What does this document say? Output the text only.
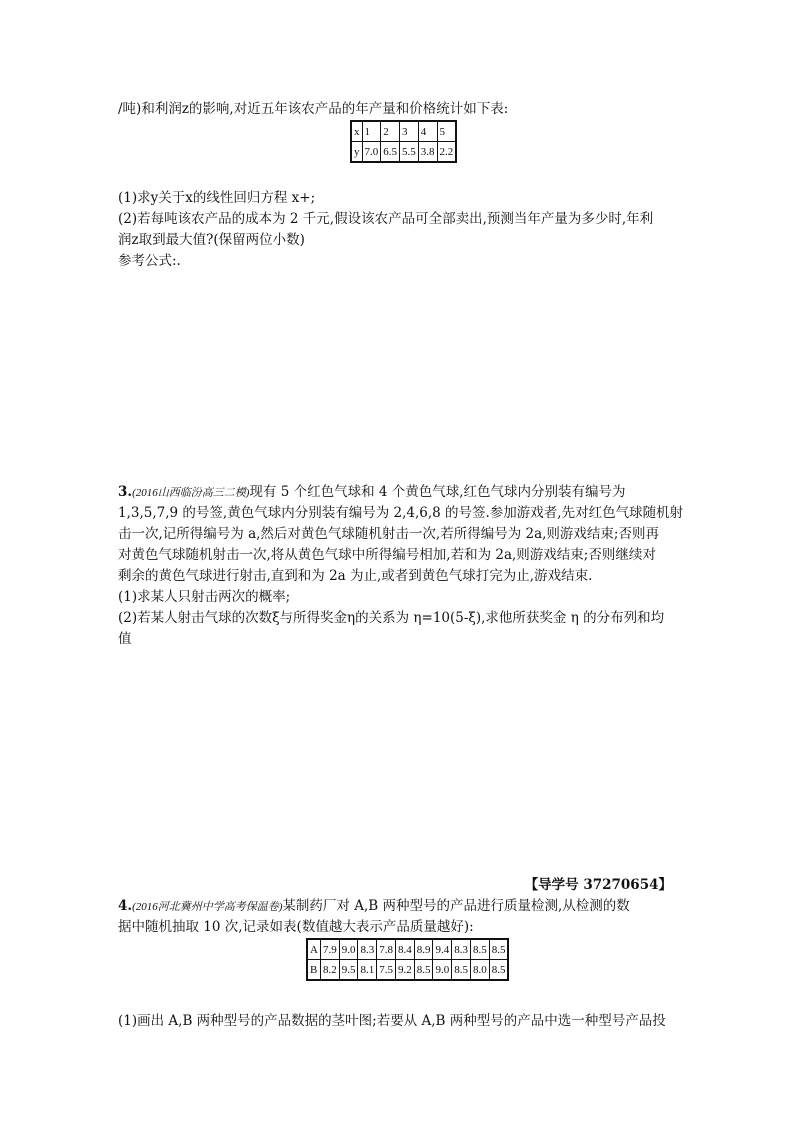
/吨)和利润z的影响,对近五年该农产品的年产量和价格统计如下表:
x	1	2	3	4	5
y	7.0	6.5	5.5	3.8	2.2
(1)求y关于x的线性回归方程 x+;
(2)若每吨该农产品的成本为 2 千元,假设该农产品可全部卖出,预测当年产量为多少时,年利
润z取到最大值?(保留两位小数)
参考公式:.
3.(2016山西临汾高三二模)现有 5 个红色气球和 4 个黄色气球,红色气球内分别装有编号为
1,3,5,7,9 的号签,黄色气球内分别装有编号为 2,4,6,8 的号签.参加游戏者,先对红色气球随机射
击一次,记所得编号为 a,然后对黄色气球随机射击一次,若所得编号为 2a,则游戏结束;否则再
对黄色气球随机射击一次,将从黄色气球中所得编号相加,若和为 2a,则游戏结束;否则继续对
剩余的黄色气球进行射击,直到和为 2a 为止,或者到黄色气球打完为止,游戏结束.
(1)求某人只射击两次的概率;
(2)若某人射击气球的次数ξ与所得奖金η的关系为 η=10(5-ξ),求他所获奖金 η 的分布列和均
值
【导学号 37270654】
4.(2016河北冀州中学高考保温卷)某制药厂对 A,B 两种型号的产品进行质量检测,从检测的数
据中随机抽取 10 次,记录如表(数值越大表示产品质量越好):
A	7.9	9.0	8.3	7.8	8.4	8.9	9.4	8.3	8.5	8.5
B	8.2	9.5	8.1	7.5	9.2	8.5	9.0	8.5	8.0	8.5
(1)画出 A,B 两种型号的产品数据的茎叶图;若要从 A,B 两种型号的产品中选一种型号产品投
